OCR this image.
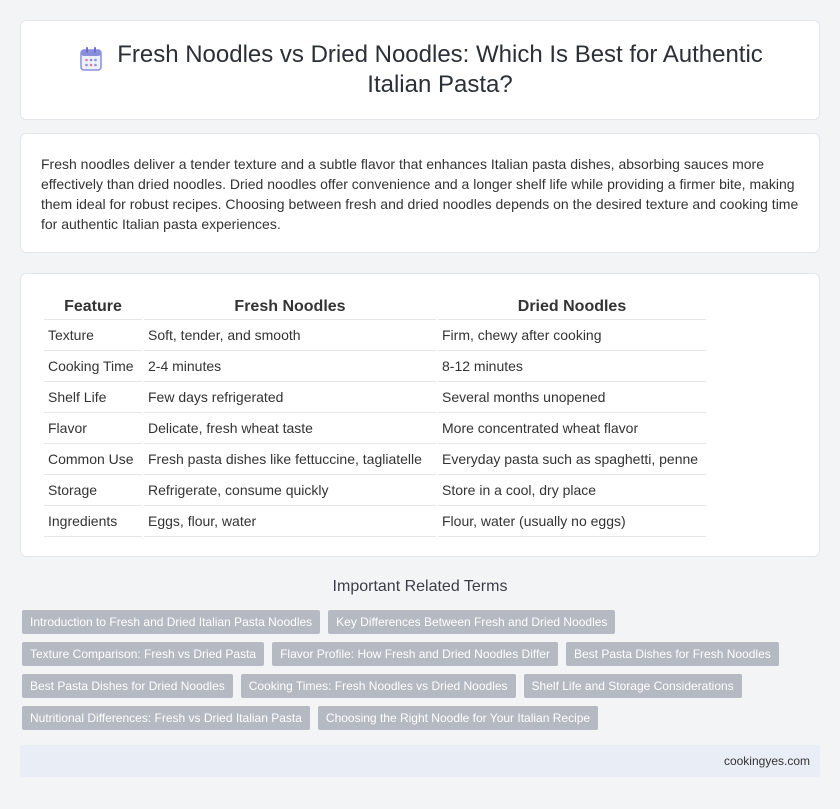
Fresh Noodles vs Dried Noodles: Which Is Best for Authentic Italian Pasta?

Fresh noodles deliver a tender texture and a subtle flavor that enhances Italian pasta dishes, absorbing sauces more effectively than dried noodles. Dried noodles offer convenience and a longer shelf life while providing a firmer bite, making them ideal for robust recipes. Choosing between fresh and dried noodles depends on the desired texture and cooking time for authentic Italian pasta experiences.

Feature	Fresh Noodles	Dried Noodles
Texture	Soft, tender, and smooth	Firm, chewy after cooking
Cooking Time	2-4 minutes	8-12 minutes
Shelf Life	Few days refrigerated	Several months unopened
Flavor	Delicate, fresh wheat taste	More concentrated wheat flavor
Common Use	Fresh pasta dishes like fettuccine, tagliatelle	Everyday pasta such as spaghetti, penne
Storage	Refrigerate, consume quickly	Store in a cool, dry place
Ingredients	Eggs, flour, water	Flour, water (usually no eggs)
Important Related Terms
Introduction to Fresh and Dried Italian Pasta Noodles	Key Differences Between Fresh and Dried Noodles
Texture Comparison: Fresh vs Dried Pasta	Flavor Profile: How Fresh and Dried Noodles Differ	Best Pasta Dishes for Fresh Noodles
Best Pasta Dishes for Dried Noodles	Cooking Times: Fresh Noodles vs Dried Noodles	Shelf Life and Storage Considerations
Nutritional Differences: Fresh vs Dried Italian Pasta	Choosing the Right Noodle for Your Italian Recipe
cookingyes.com
